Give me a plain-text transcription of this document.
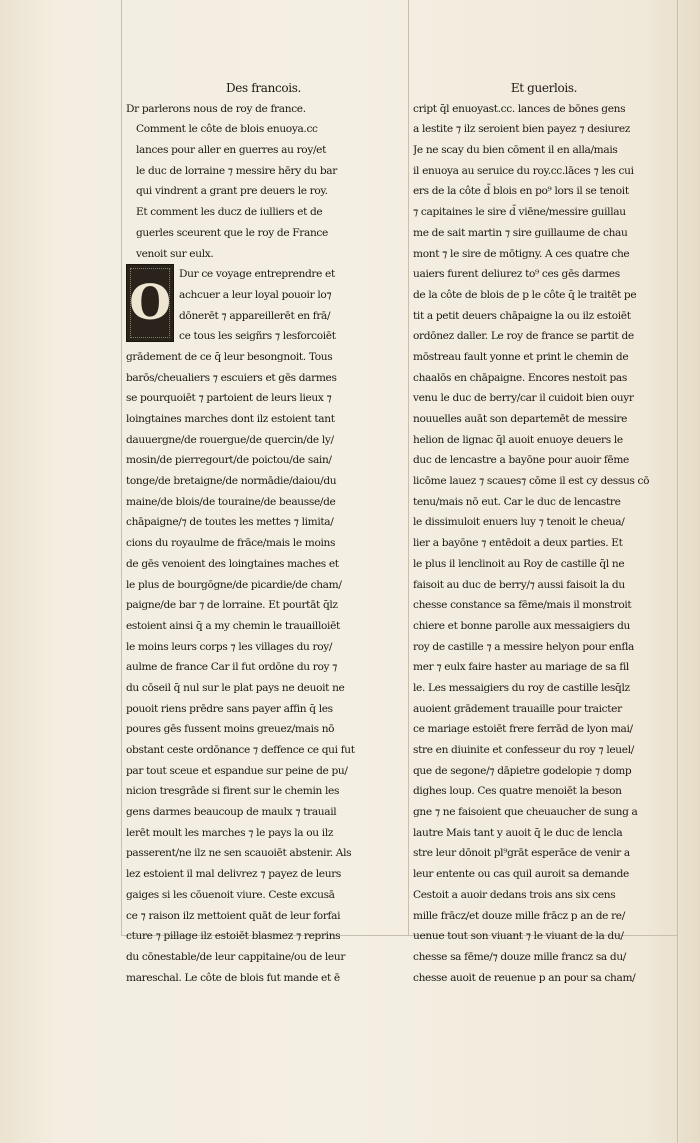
Des francois.
Dr parlerons nous de roy de france.
Comment le côte de blois enuoya.cc
lances pour aller en guerres au roy/et
le duc de lorraine ⁊ messire hēry du bar
qui vindrent a grant pre deuers le roy.
Et comment les ducz de iulliers et de
guerles sceurent que le roy de France
venoit sur eulx.
O
Dur ce voyage entreprendre et
achcuer a leur loyal pouoir lo⁊
dōnerēt ⁊ appareillerēt en frā/
ce tous les seigñrs ⁊ lesforcoiēt
grādement de ce q̄ leur besongnoit. Tous
barōs/cheualiers ⁊ escuiers et gēs darmes
se pourquoiēt ⁊ partoient de leurs lieux ⁊
loingtaines marches dont ilz estoient tant
dauuergne/de rouergue/de quercin/de ly/
mosin/de pierregourt/de poictou/de sain/
tonge/de bretaigne/de normādie/daiou/du
maine/de blois/de touraine/de beausse/de
chāpaigne/⁊ de toutes les mettes ⁊ limita/
cions du royaulme de frāce/mais le moins
de gēs venoient des loingtaines maches et
le plus de bourgōgne/de picardie/de cham/
paigne/de bar ⁊ de lorraine. Et pourtāt q̄lz
estoient ainsi q̄ a my chemin le trauailloiēt
le moins leurs corps ⁊ les villages du roy/
aulme de france Car il fut ordōne du roy ⁊
du cōseil q̄ nul sur le plat pays ne deuoit ne
pouoit riens prēdre sans payer affin q̄ les
poures gēs fussent moins greuez/mais nō
obstant ceste ordōnance ⁊ deffence ce qui fut
par tout sceue et espandue sur peine de pu/
nicion tresgrāde si firent sur le chemin les
gens darmes beaucoup de maulx ⁊ trauail
lerēt moult les marches ⁊ le pays la ou ilz
passerent/ne ilz ne sen scauoiēt abstenir. Als
lez estoient il mal delivrez ⁊ payez de leurs
gaiges si les cōuenoit viure. Ceste excusā
ce ⁊ raison ilz mettoient quāt de leur forfai
cture ⁊ pillage ilz estoiēt blasmez ⁊ reprins
du cōnestable/de leur cappitaine/ou de leur
mareschal. Le côte de blois fut mande et ē
Et guerlois.
cript q̄l enuoyast.cc. lances de bōnes gens
a lestite ⁊ ilz seroient bien payez ⁊ desiurez
Je ne scay du bien cōment il en alla/mais
il enuoya au seruice du roy.cc.lāces ⁊ les cui
ers de la côte d̄ blois en po⁹ lors il se tenoit
⁊ capitaines le sire d̄ viēne/messire guillau
me de sait martin ⁊ sire guillaume de chau
mont ⁊ le sire de mōtigny. A ces quatre che
uaiers furent deliurez to⁹ ces gēs darmes
de la côte de blois de p le côte q̄ le traitēt pe
tit a petit deuers chāpaigne la ou ilz estoiēt
ordōnez daller. Le roy de france se partit de
mōstreau fault yonne et print le chemin de
chaalōs en chāpaigne. Encores nestoit pas
venu le duc de berry/car il cuidoit bien ouyr
nouuelles auāt son departemēt de messire
helion de lignac q̄l auoit enuoye deuers le
duc de lencastre a bayōne pour auoir fēme
licōme lauez ⁊ scaues⁊ cōme il est cy dessus cō
tenu/mais nō eut. Car le duc de lencastre
le dissimuloit enuers luy ⁊ tenoit le cheua/
lier a bayōne ⁊ entēdoit a deux parties. Et
le plus il lenclinoit au Roy de castille q̄l ne
faisoit au duc de berry/⁊ aussi faisoit la du
chesse constance sa fēme/mais il monstroit
chiere et bonne parolle aux messaigiers du
roy de castille ⁊ a messire helyon pour enfla
mer ⁊ eulx faire haster au mariage de sa fil
le. Les messaigiers du roy de castille lesq̄lz
auoient grādement trauaille pour traicter
ce mariage estoiēt frere ferrād de lyon mai/
stre en diuinite et confesseur du roy ⁊ leuel/
que de segone/⁊ dāpietre godelopie ⁊ domp
dighes loup. Ces quatre menoiēt la beson
gne ⁊ ne faisoient que cheuaucher de sung a
lautre Mais tant y auoit q̄ le duc de lencla
stre leur dōnoit pl⁹grāt esperāce de venir a
leur entente ou cas quil auroit sa demande
Cestoit a auoir dedans trois ans six cens
mille frācz/et douze mille frācz p an de re/
uenue tout son viuant ⁊ le viuant de la du/
chesse sa fēme/⁊ douze mille francz sa du/
chesse auoit de reuenue p an pour sa cham/
